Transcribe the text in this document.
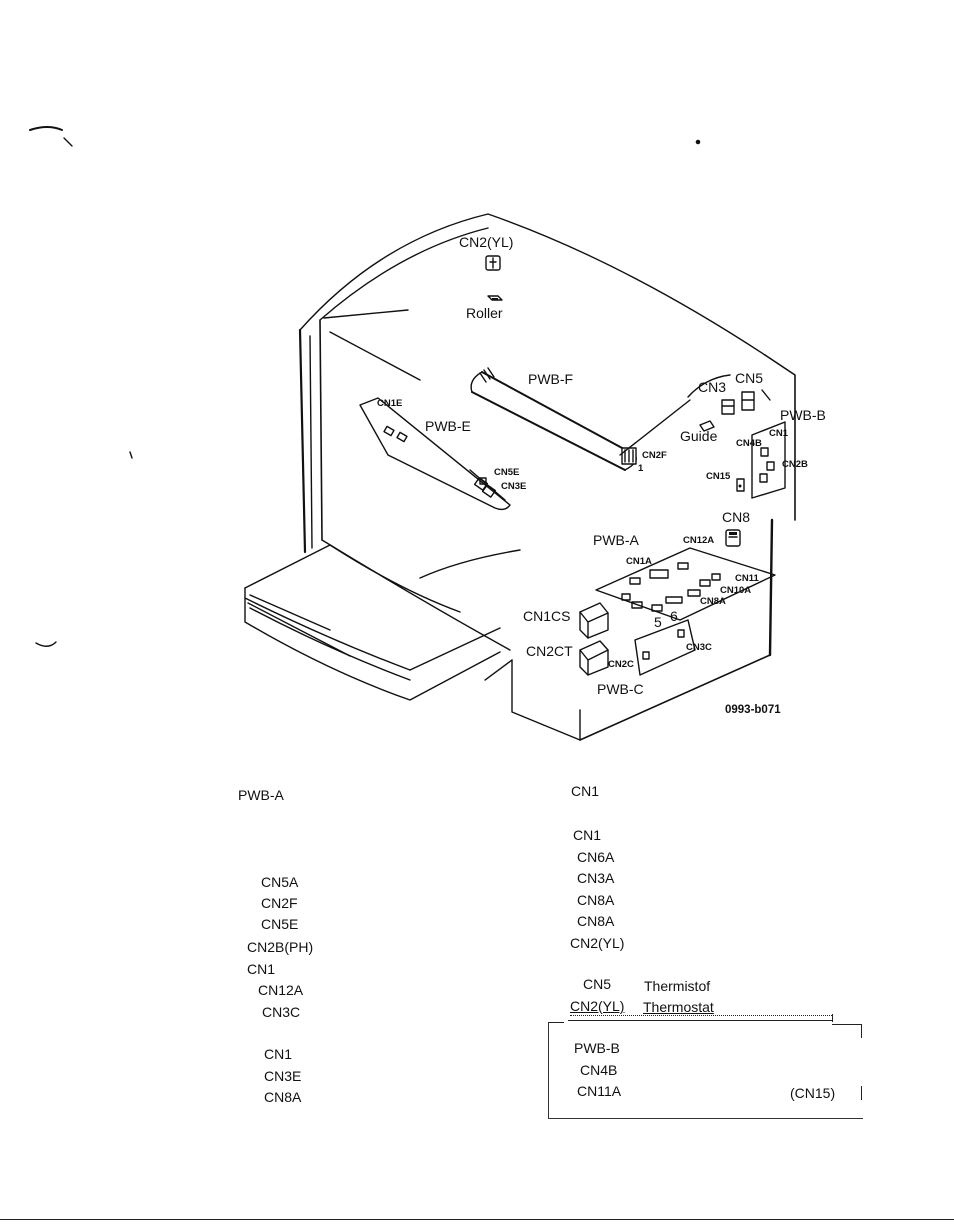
CN2(YL)
Roller
PWB-F	CN3
CN5
PWB-B
CN1E
PWB-E
Guide CN4B
CN1
CN2B
CN2F
1
CN5E
CN3E
CN15
CN8
PWB-A	CN12A
CN1A
CN11
CN10A
CN8A
5 6
CN1CS
CN2CT
CN2C
CN3C
PWB-C
0993-b071
PWB-A
CN5A
CN2F
CN5E
CN2B(PH)
CN1
CN12A
CN3C
CN1
CN3E
CN8A
CN1
CN1
CN6A
CN3A
CN8A
CN8A
CN2(YL)
CN5 Thermistof
CN2(YL) Thermostat
PWB-B
CN4B
CN11A	(CN15)
